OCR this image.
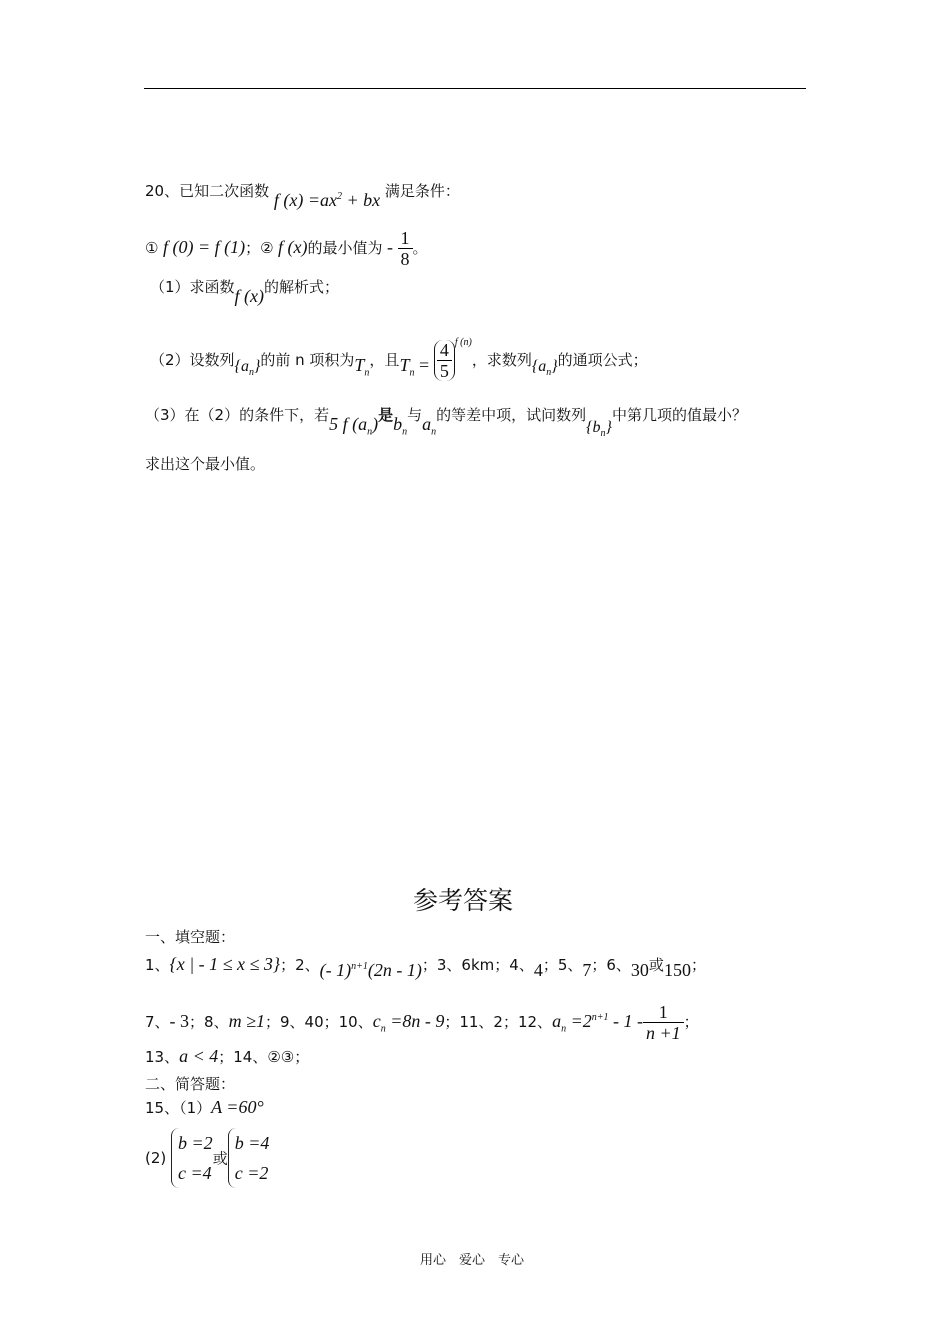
20、已知二次函数 f $(x) =ax^2$ + bx 满足条件：
① f (0) = f (1)；② f (x)的最小值为 - $\frac{1}{8}$ 。
（1）求函数f (x)的解析式；
（2）设数列$\{a_n\}$的前 n 项积为$T_n$，且$T_n = \frac{4}{5} ^{f (n)}$，求数列$\{a_n\}$的通项公式；
（3）在（2）的条件下，若5 f $(a_n)$是$b_n$与$a_n$的等差中项，试问数列$\{b_n\}$中第几项的值最小？
求出这个最小值。
参考答案
一、填空题：
1、{x | - 1 ≤ x ≤ 3}；2、(- 1)$^{n+1}$(2n - 1)；3、6km；4、4；5、7；6、30或150；
7、- 3；8、m ≥1；9、40；10、$c_n =8n - 9$；11、2；12、$a_n =2^{n+1} - 1 - \frac{1}{n +1}$ ；
13、a < 4；14、②③；
二、简答题：
15、（1）A =60°
(2)
b =2
c =4
或
b =4
c =2
用心　爱心　专心
